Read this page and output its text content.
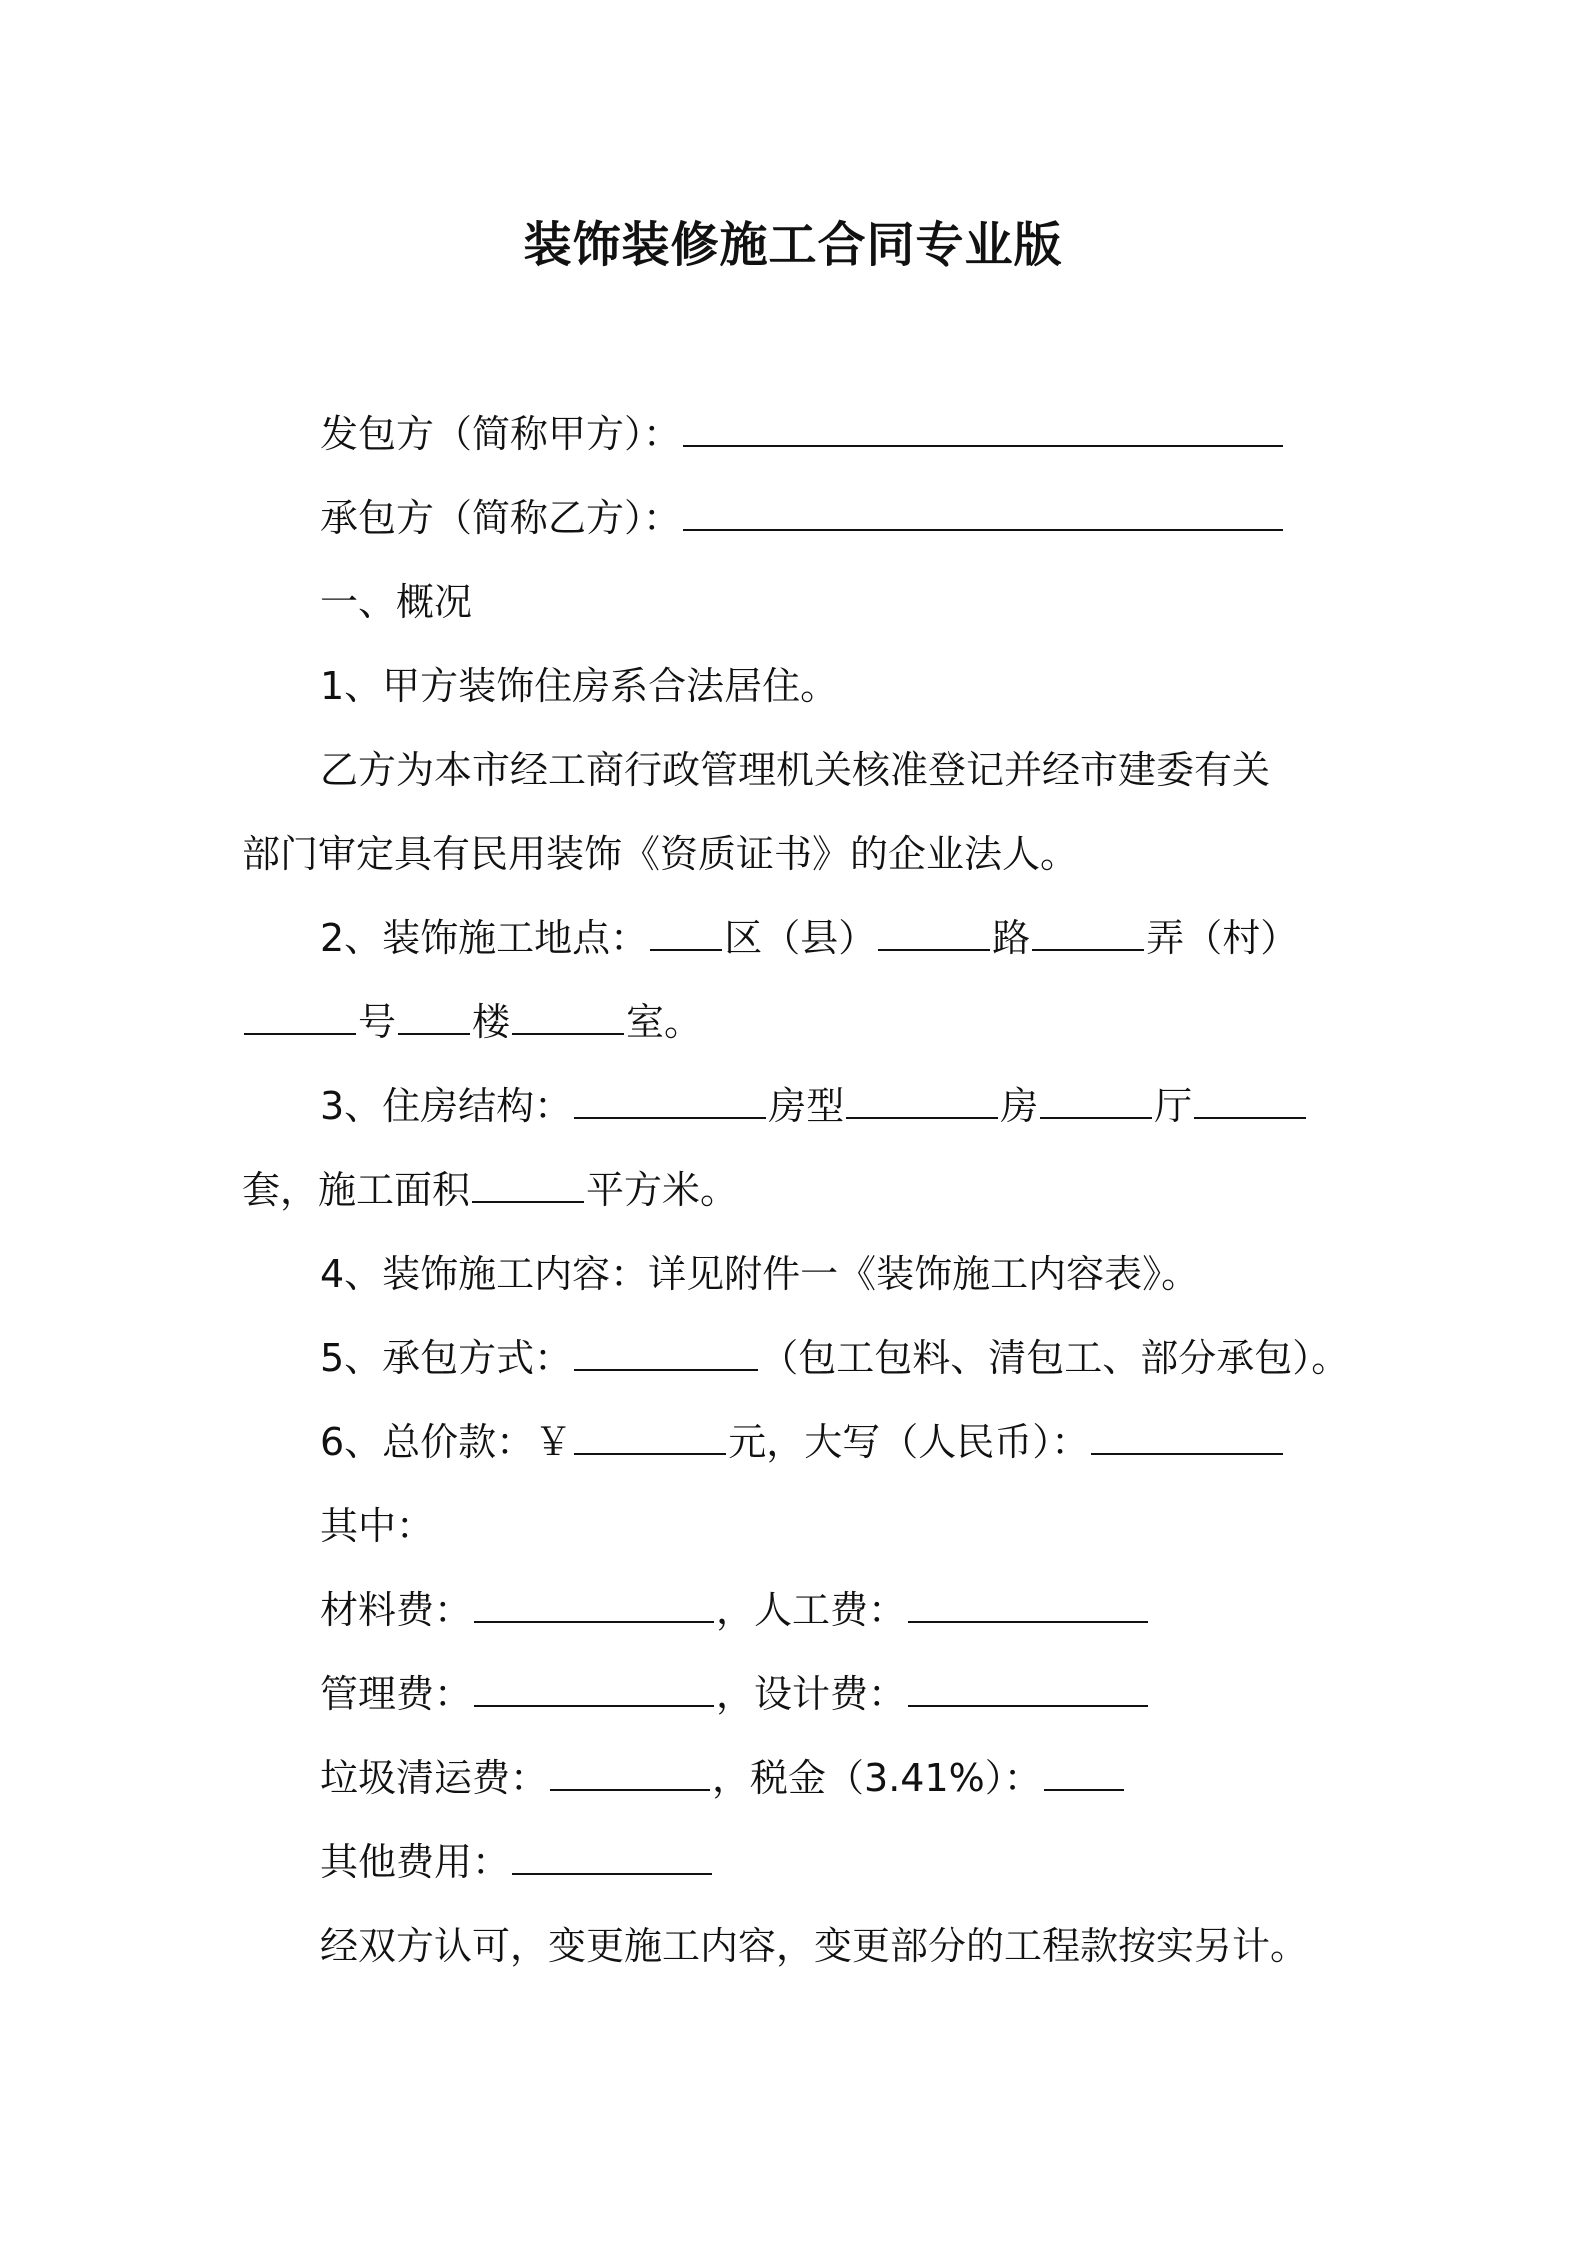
装饰装修施工合同专业版
发包方（简称甲方）：
承包方（简称乙方）：
一、概况
1、甲方装饰住房系合法居住。
乙方为本市经工商行政管理机关核准登记并经市建委有关
部门审定具有民用装饰《资质证书》的企业法人。
2、装饰施工地点： 区（县）	路	弄（村）
号 楼	室。
3、住房结构：	房型	房	厅
套，施工面积	平方米。
4、装饰施工内容：详见附件一《装饰施工内容表》。
5、承包方式：	（包工包料、清包工、部分承包）。
6、总价款：￥	元，大写（人民币）：
其中：
材料费：	，人工费：
管理费：	，设计费：
垃圾清运费：	，税金（3.41%）：
其他费用：
经双方认可，变更施工内容，变更部分的工程款按实另计。
